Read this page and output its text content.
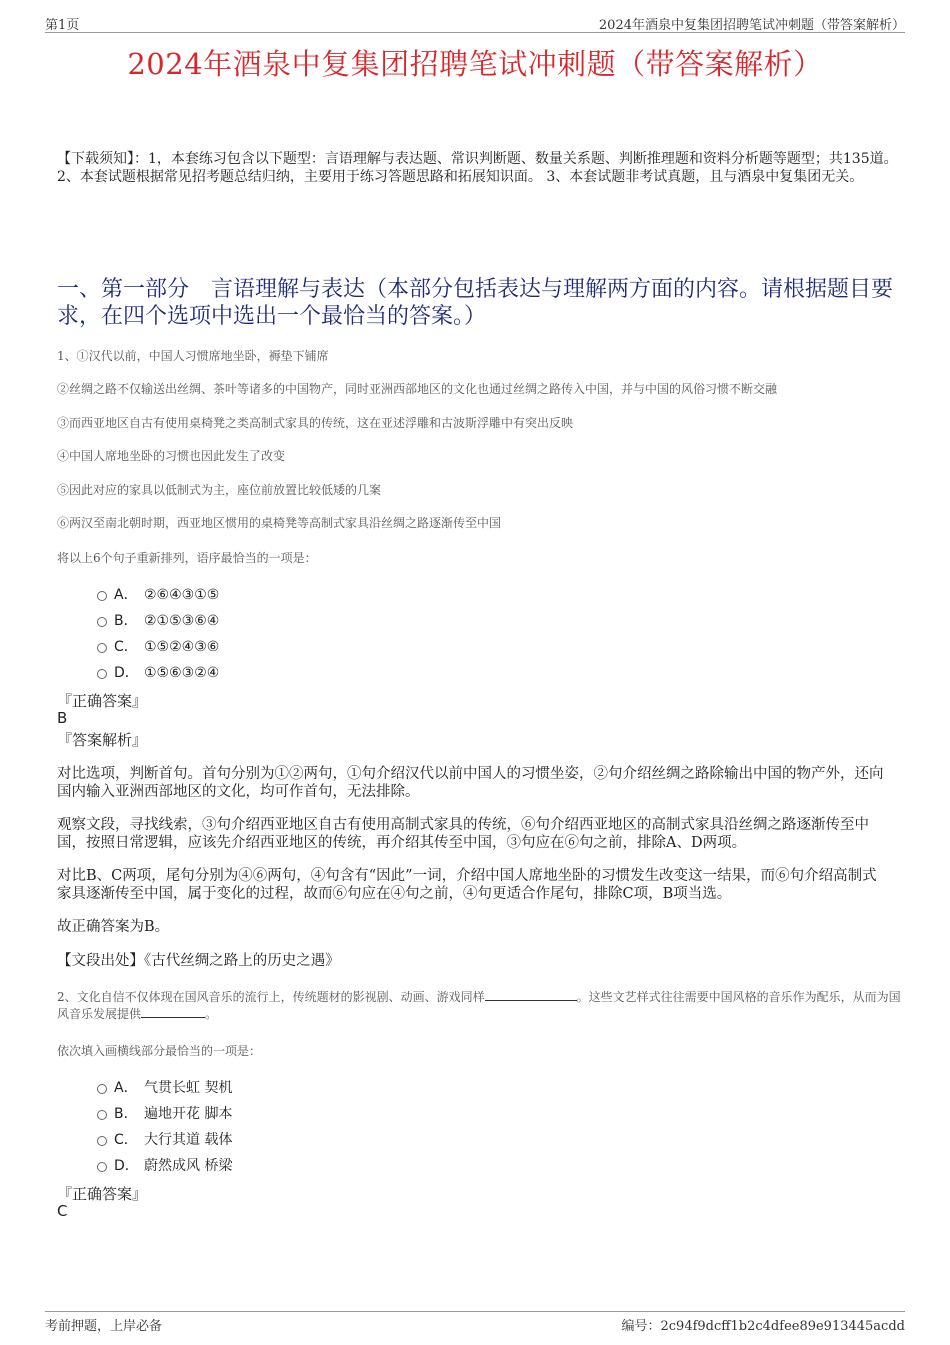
第1页	2024年酒泉中复集团招聘笔试冲刺题（带答案解析）
2024年酒泉中复集团招聘笔试冲刺题（带答案解析）
【下载须知】：1，本套练习包含以下题型：言语理解与表达题、常识判断题、数量关系题、判断推理题和资料分析题等题型；共135道。 2、本套试题根据常见招考题总结归纳，主要用于练习答题思路和拓展知识面。 3、本套试题非考试真题，且与酒泉中复集团无关。
一、第一部分　言语理解与表达（本部分包括表达与理解两方面的内容。请根据题目要求，在四个选项中选出一个最恰当的答案。）
1、①汉代以前，中国人习惯席地坐卧，褥垫下铺席
②丝绸之路不仅输送出丝绸、茶叶等诸多的中国物产，同时亚洲西部地区的文化也通过丝绸之路传入中国，并与中国的风俗习惯不断交融
③而西亚地区自古有使用桌椅凳之类高制式家具的传统，这在亚述浮雕和古波斯浮雕中有突出反映
④中国人席地坐卧的习惯也因此发生了改变
⑤因此对应的家具以低制式为主，座位前放置比较低矮的几案
⑥两汉至南北朝时期，西亚地区惯用的桌椅凳等高制式家具沿丝绸之路逐渐传至中国
将以上6个句子重新排列，语序最恰当的一项是：
A． ②⑥④③①⑤
B． ②①⑤③⑥④
C． ①⑤②④③⑥
D． ①⑤⑥③②④
『正确答案』
B
『答案解析』
对比选项，判断首句。首句分别为①②两句，①句介绍汉代以前中国人的习惯坐姿，②句介绍丝绸之路除输出中国的物产外，还向国内输入亚洲西部地区的文化，均可作首句，无法排除。
观察文段，寻找线索，③句介绍西亚地区自古有使用高制式家具的传统，⑥句介绍西亚地区的高制式家具沿丝绸之路逐渐传至中国，按照日常逻辑，应该先介绍西亚地区的传统，再介绍其传至中国，③句应在⑥句之前，排除A、D两项。
对比B、C两项，尾句分别为④⑥两句，④句含有“因此”一词，介绍中国人席地坐卧的习惯发生改变这一结果，而⑥句介绍高制式家具逐渐传至中国，属于变化的过程，故而⑥句应在④句之前，④句更适合作尾句，排除C项，B项当选。
故正确答案为B。
【文段出处】《古代丝绸之路上的历史之遇》
2、文化自信不仅体现在国风音乐的流行上，传统题材的影视剧、动画、游戏同样	。这些文艺样式往往需要中国风格的音乐作为配乐，从而为国风音乐发展提供	。
依次填入画横线部分最恰当的一项是：
A． 气贯长虹 契机
B． 遍地开花 脚本
C． 大行其道 载体
D． 蔚然成风 桥梁
『正确答案』
C
考前押题，上岸必备	编号：2c94f9dcff1b2c4dfee89e913445acdd
